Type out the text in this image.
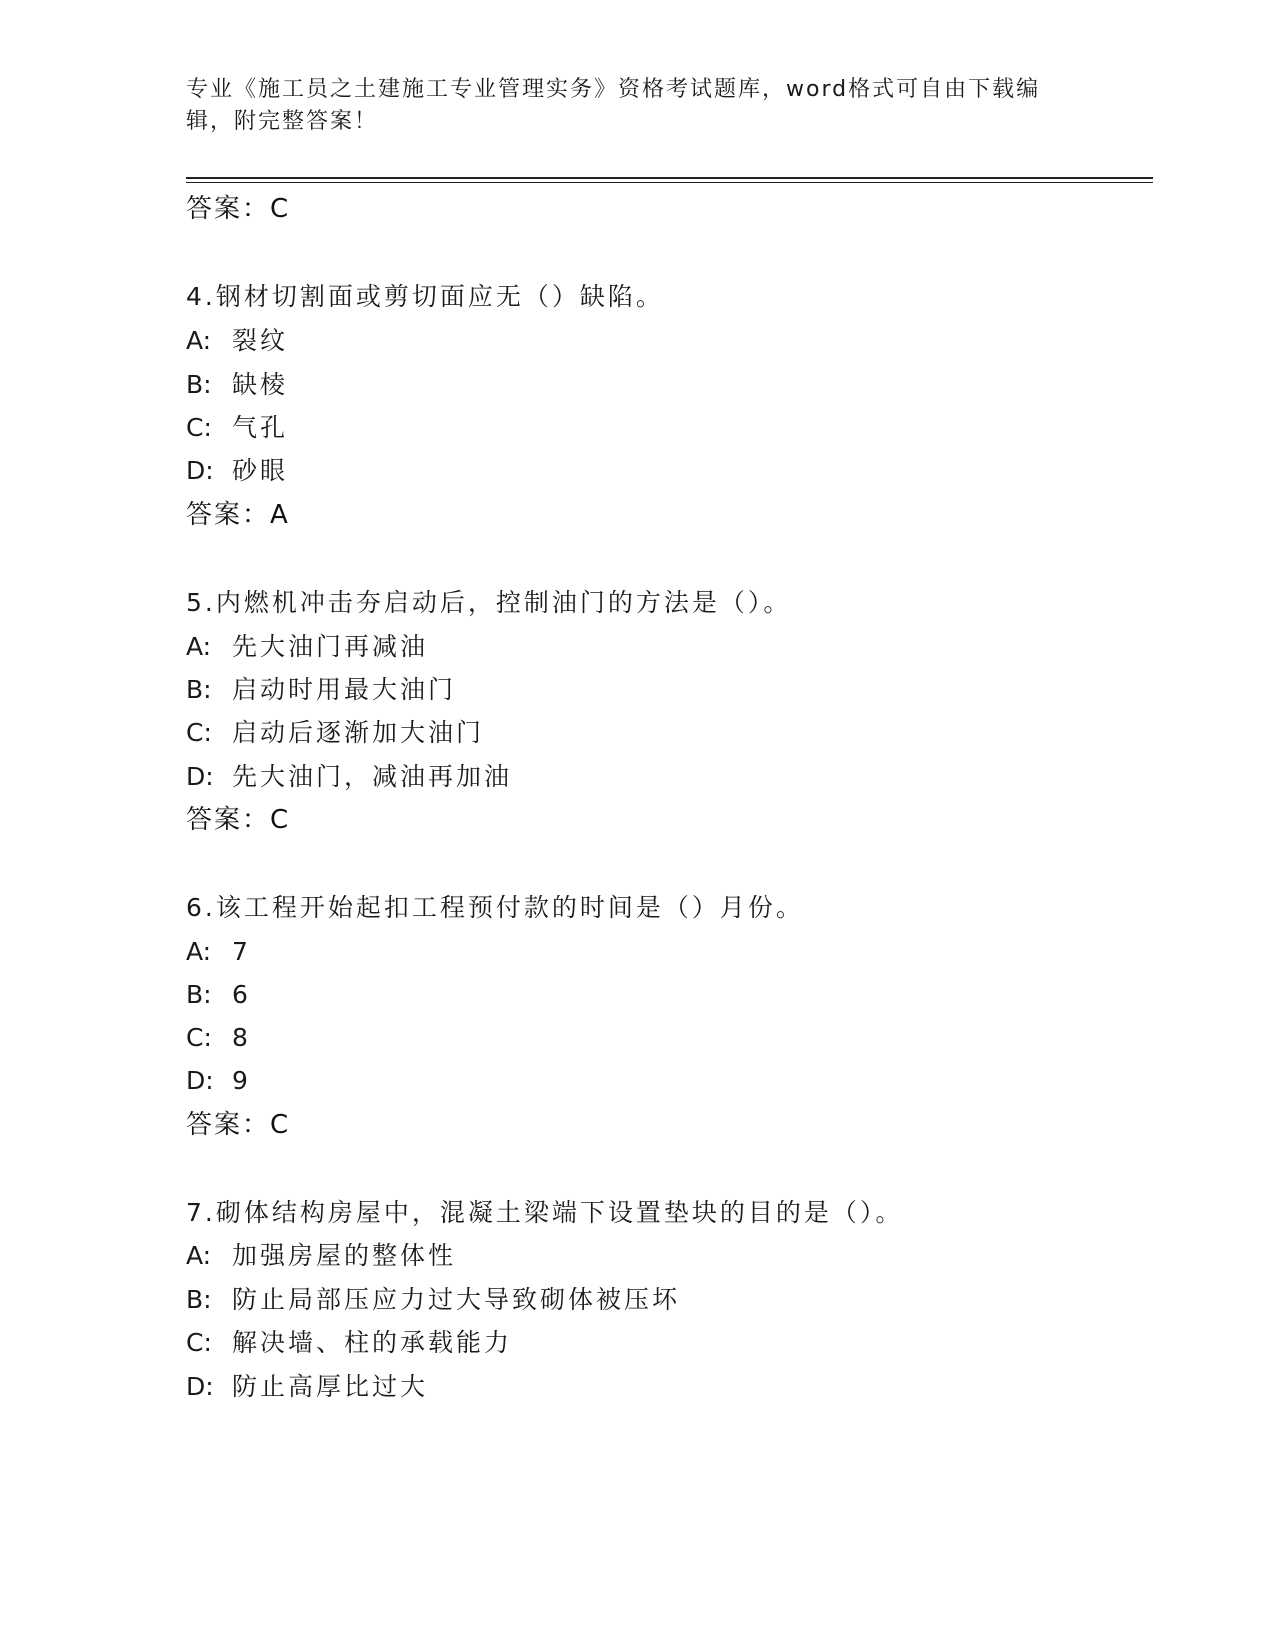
专业《施工员之土建施工专业管理实务》资格考试题库，word格式可自由下载编
辑，附完整答案！
答案：C
4.钢材切割面或剪切面应无（）缺陷。
A: 裂纹
B: 缺棱
C: 气孔
D: 砂眼
答案：A
5.内燃机冲击夯启动后，控制油门的方法是（）。
A: 先大油门再减油
B: 启动时用最大油门
C: 启动后逐渐加大油门
D: 先大油门，减油再加油
答案：C
6.该工程开始起扣工程预付款的时间是（）月份。
A: 7
B: 6
C: 8
D: 9
答案：C
7.砌体结构房屋中，混凝土梁端下设置垫块的目的是（）。
A: 加强房屋的整体性
B: 防止局部压应力过大导致砌体被压坏
C: 解决墙、柱的承载能力
D: 防止高厚比过大
